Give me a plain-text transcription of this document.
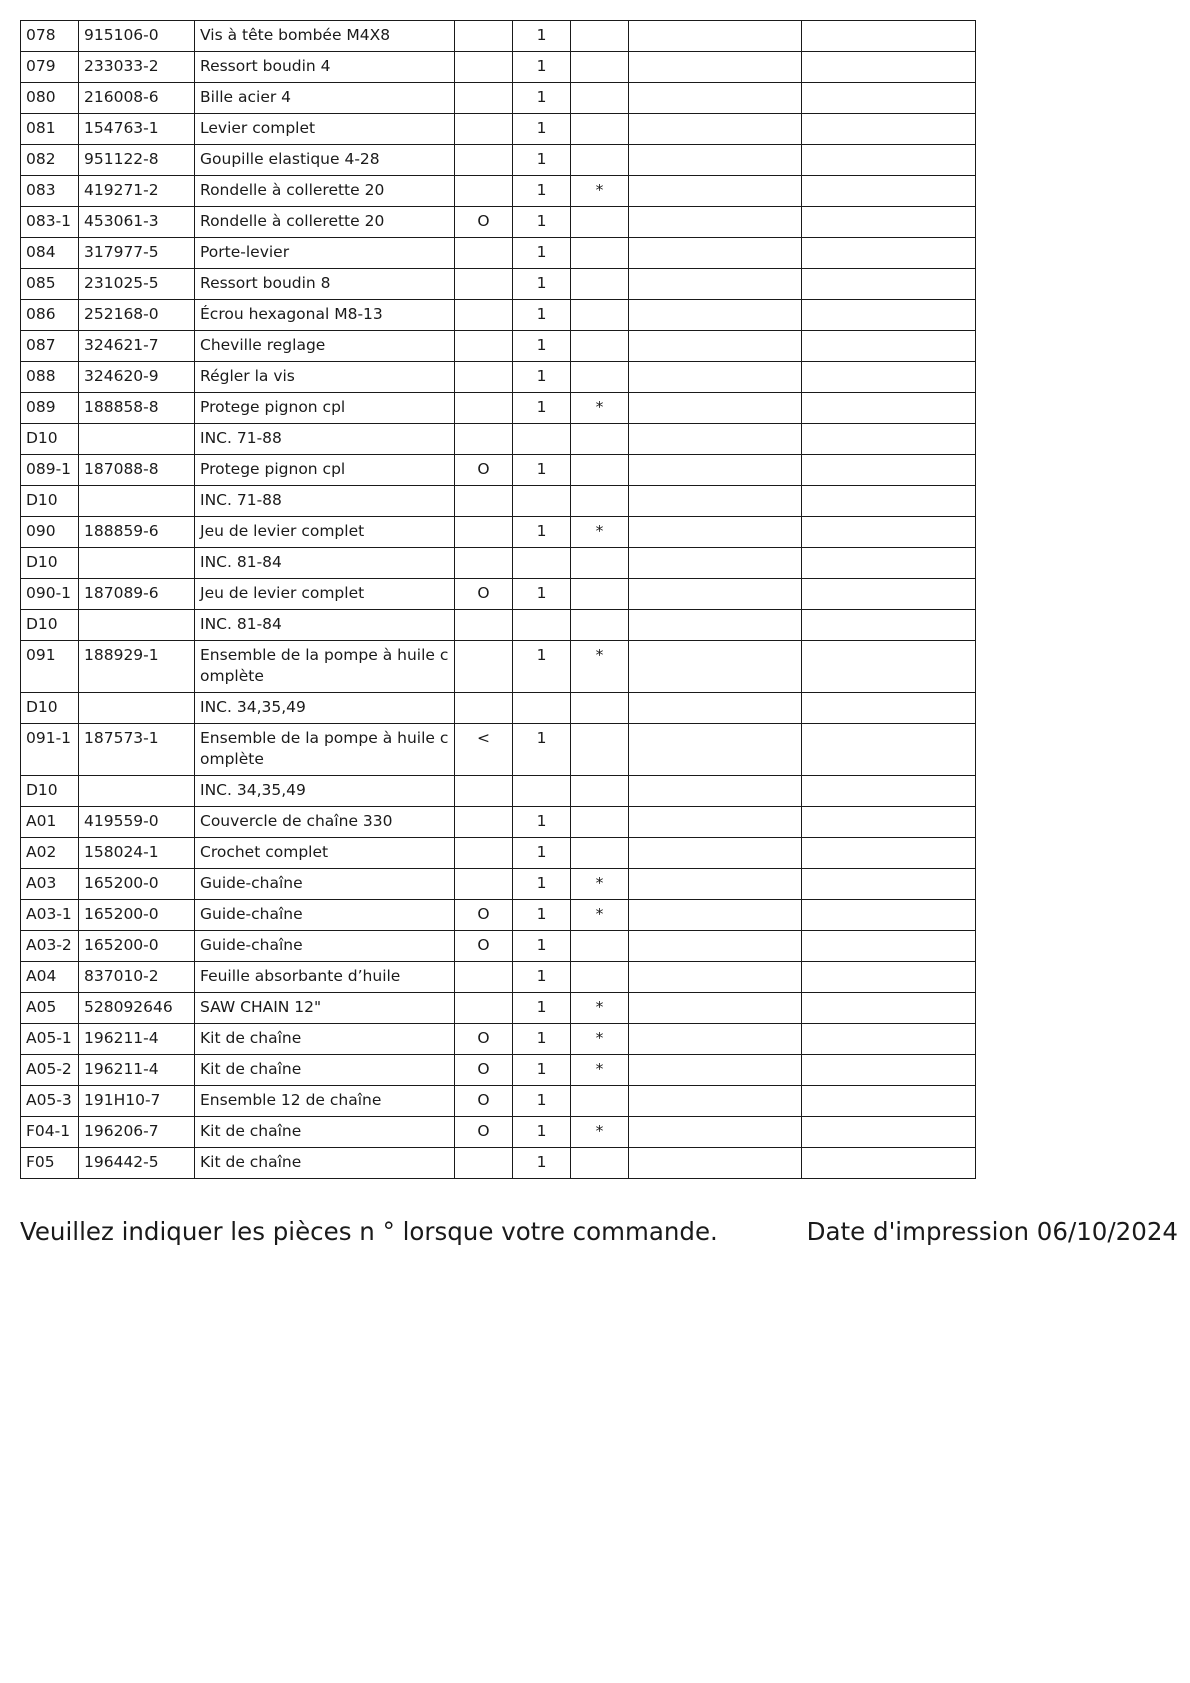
078	915106-0	Vis à tête bombée M4X8		1			
079	233033-2	Ressort boudin 4		1			
080	216008-6	Bille acier 4		1			
081	154763-1	Levier complet		1			
082	951122-8	Goupille elastique 4-28		1			
083	419271-2	Rondelle à collerette 20		1	*		
083-1	453061-3	Rondelle à collerette 20	O	1			
084	317977-5	Porte-levier		1			
085	231025-5	Ressort boudin 8		1			
086	252168-0	Écrou hexagonal M8-13		1			
087	324621-7	Cheville reglage		1			
088	324620-9	Régler la vis		1			
089	188858-8	Protege pignon cpl		1	*		
D10		INC. 71-88					
089-1	187088-8	Protege pignon cpl	O	1			
D10		INC. 71-88					
090	188859-6	Jeu de levier complet		1	*		
D10		INC. 81-84					
090-1	187089-6	Jeu de levier complet	O	1			
D10		INC. 81-84					
091	188929-1	Ensemble de la pompe à huile complète		1	*		
D10		INC. 34,35,49					
091-1	187573-1	Ensemble de la pompe à huile complète	<	1			
D10		INC. 34,35,49					
A01	419559-0	Couvercle de chaîne 330		1			
A02	158024-1	Crochet complet		1			
A03	165200-0	Guide-chaîne		1	*		
A03-1	165200-0	Guide-chaîne	O	1	*		
A03-2	165200-0	Guide-chaîne	O	1			
A04	837010-2	Feuille absorbante d’huile		1			
A05	528092646	SAW CHAIN 12"		1	*		
A05-1	196211-4	Kit de chaîne	O	1	*		
A05-2	196211-4	Kit de chaîne	O	1	*		
A05-3	191H10-7	Ensemble 12 de chaîne	O	1			
F04-1	196206-7	Kit de chaîne	O	1	*		
F05	196442-5	Kit de chaîne		1			
Veuillez indiquer les pièces n ° lorsque votre commande.	Date d'impression 06/10/2024
